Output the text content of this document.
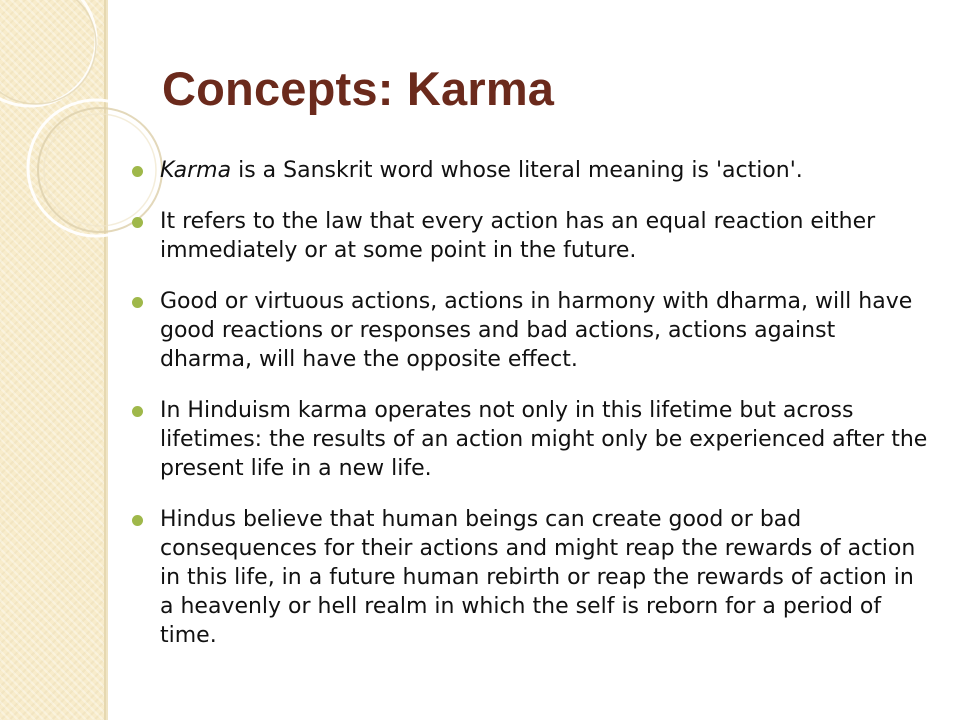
Concepts: Karma
Karma is a Sanskrit word whose literal meaning is 'action'.
It refers to the law that every action has an equal reaction either immediately or at some point in the future.
Good or virtuous actions, actions in harmony with dharma, will have good reactions or responses and bad actions, actions against dharma, will have the opposite effect.
In Hinduism karma operates not only in this lifetime but across lifetimes: the results of an action might only be experienced after the present life in a new life.
Hindus believe that human beings can create good or bad consequences for their actions and might reap the rewards of action in this life, in a future human rebirth or reap the rewards of action in a heavenly or hell realm in which the self is reborn for a period of time.
